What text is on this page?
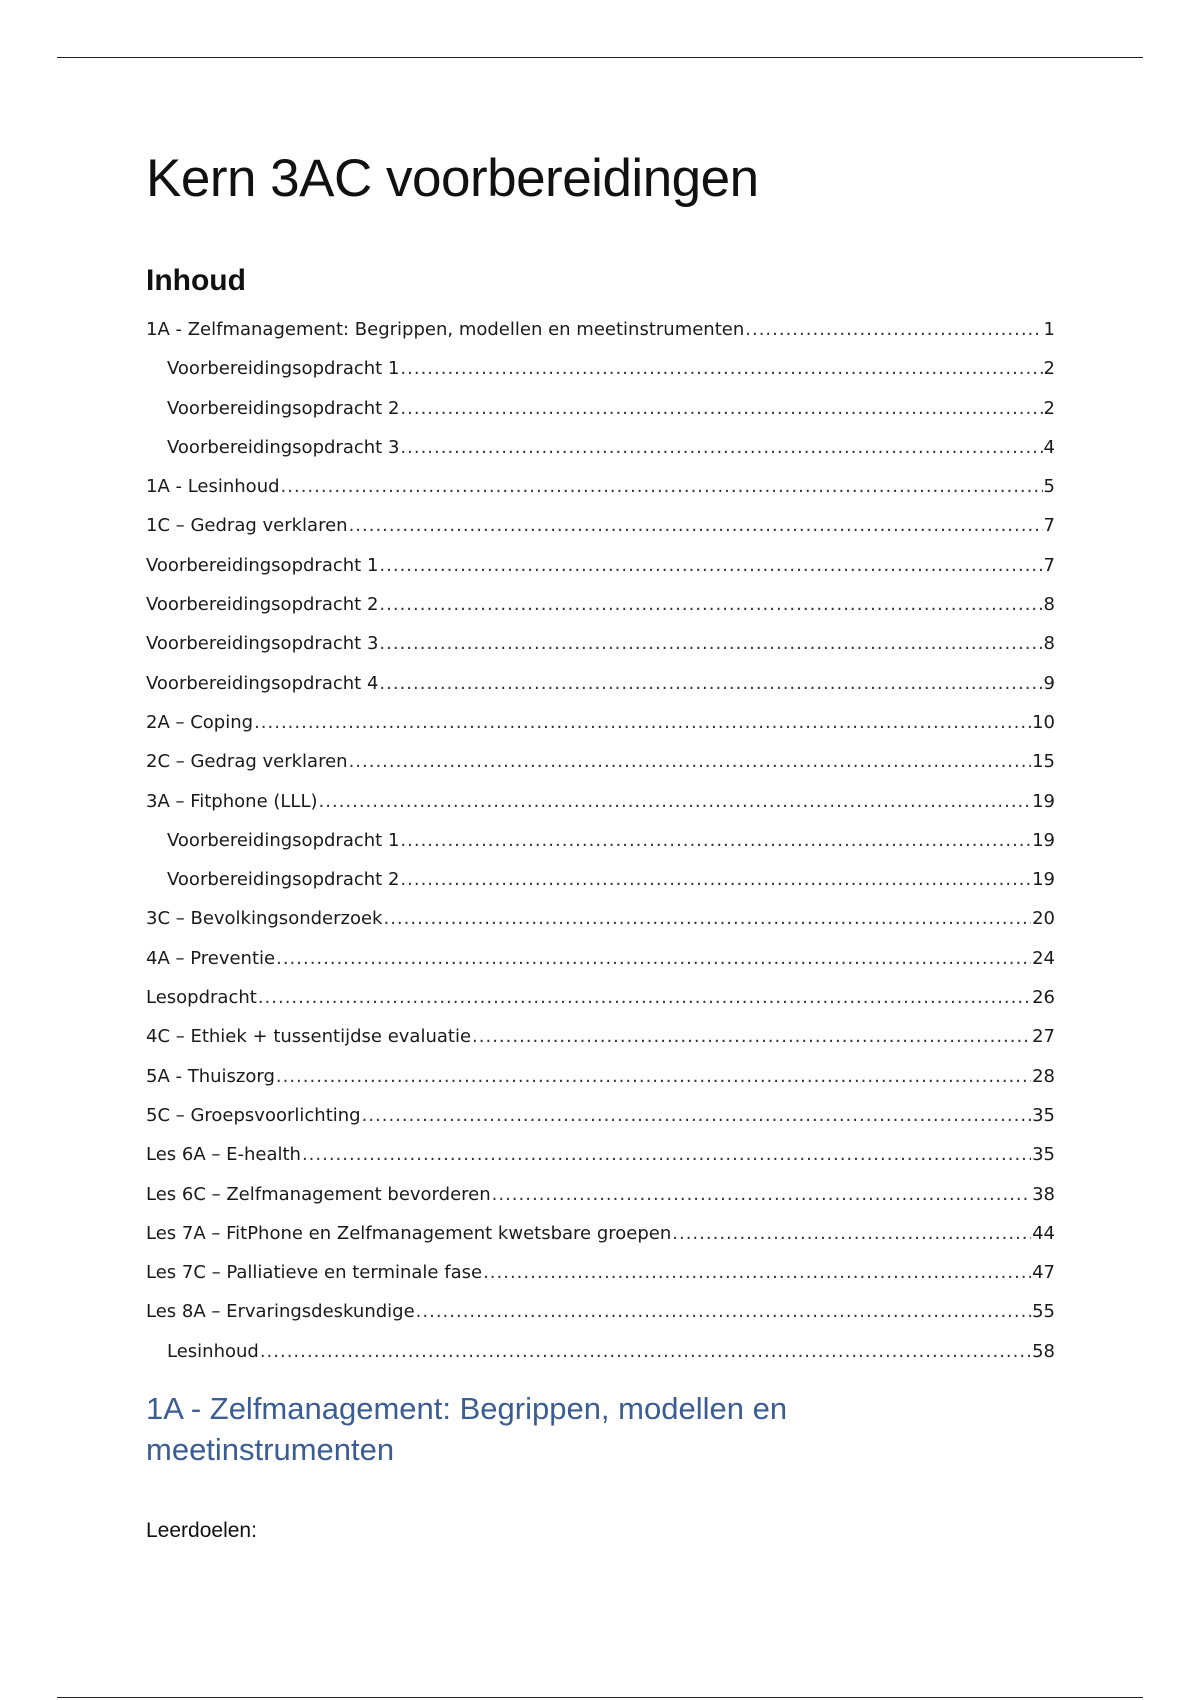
Kern 3AC voorbereidingen
Inhoud
1A - Zelfmanagement: Begrippen, modellen en meetinstrumenten .....	1
Voorbereidingsopdracht 1 .....	2
Voorbereidingsopdracht 2 .....	2
Voorbereidingsopdracht 3 .....	4
1A - Lesinhoud .....	5
1C – Gedrag verklaren .....	7
Voorbereidingsopdracht 1 .....	7
Voorbereidingsopdracht 2 .....	8
Voorbereidingsopdracht 3 .....	8
Voorbereidingsopdracht 4 .....	9
2A – Coping .....	10
2C – Gedrag verklaren .....	15
3A – Fitphone (LLL) .....	19
Voorbereidingsopdracht 1 .....	19
Voorbereidingsopdracht 2 .....	19
3C – Bevolkingsonderzoek .....	20
4A – Preventie .....	24
Lesopdracht .....	26
4C – Ethiek + tussentijdse evaluatie .....	27
5A - Thuiszorg .....	28
5C – Groepsvoorlichting .....	35
Les 6A – E-health .....	35
Les 6C – Zelfmanagement bevorderen .....	38
Les 7A – FitPhone en Zelfmanagement kwetsbare groepen .....	44
Les 7C – Palliatieve en terminale fase .....	47
Les 8A – Ervaringsdeskundige .....	55
Lesinhoud .....	58
1A - Zelfmanagement: Begrippen, modellen en meetinstrumenten

Leerdoelen:
